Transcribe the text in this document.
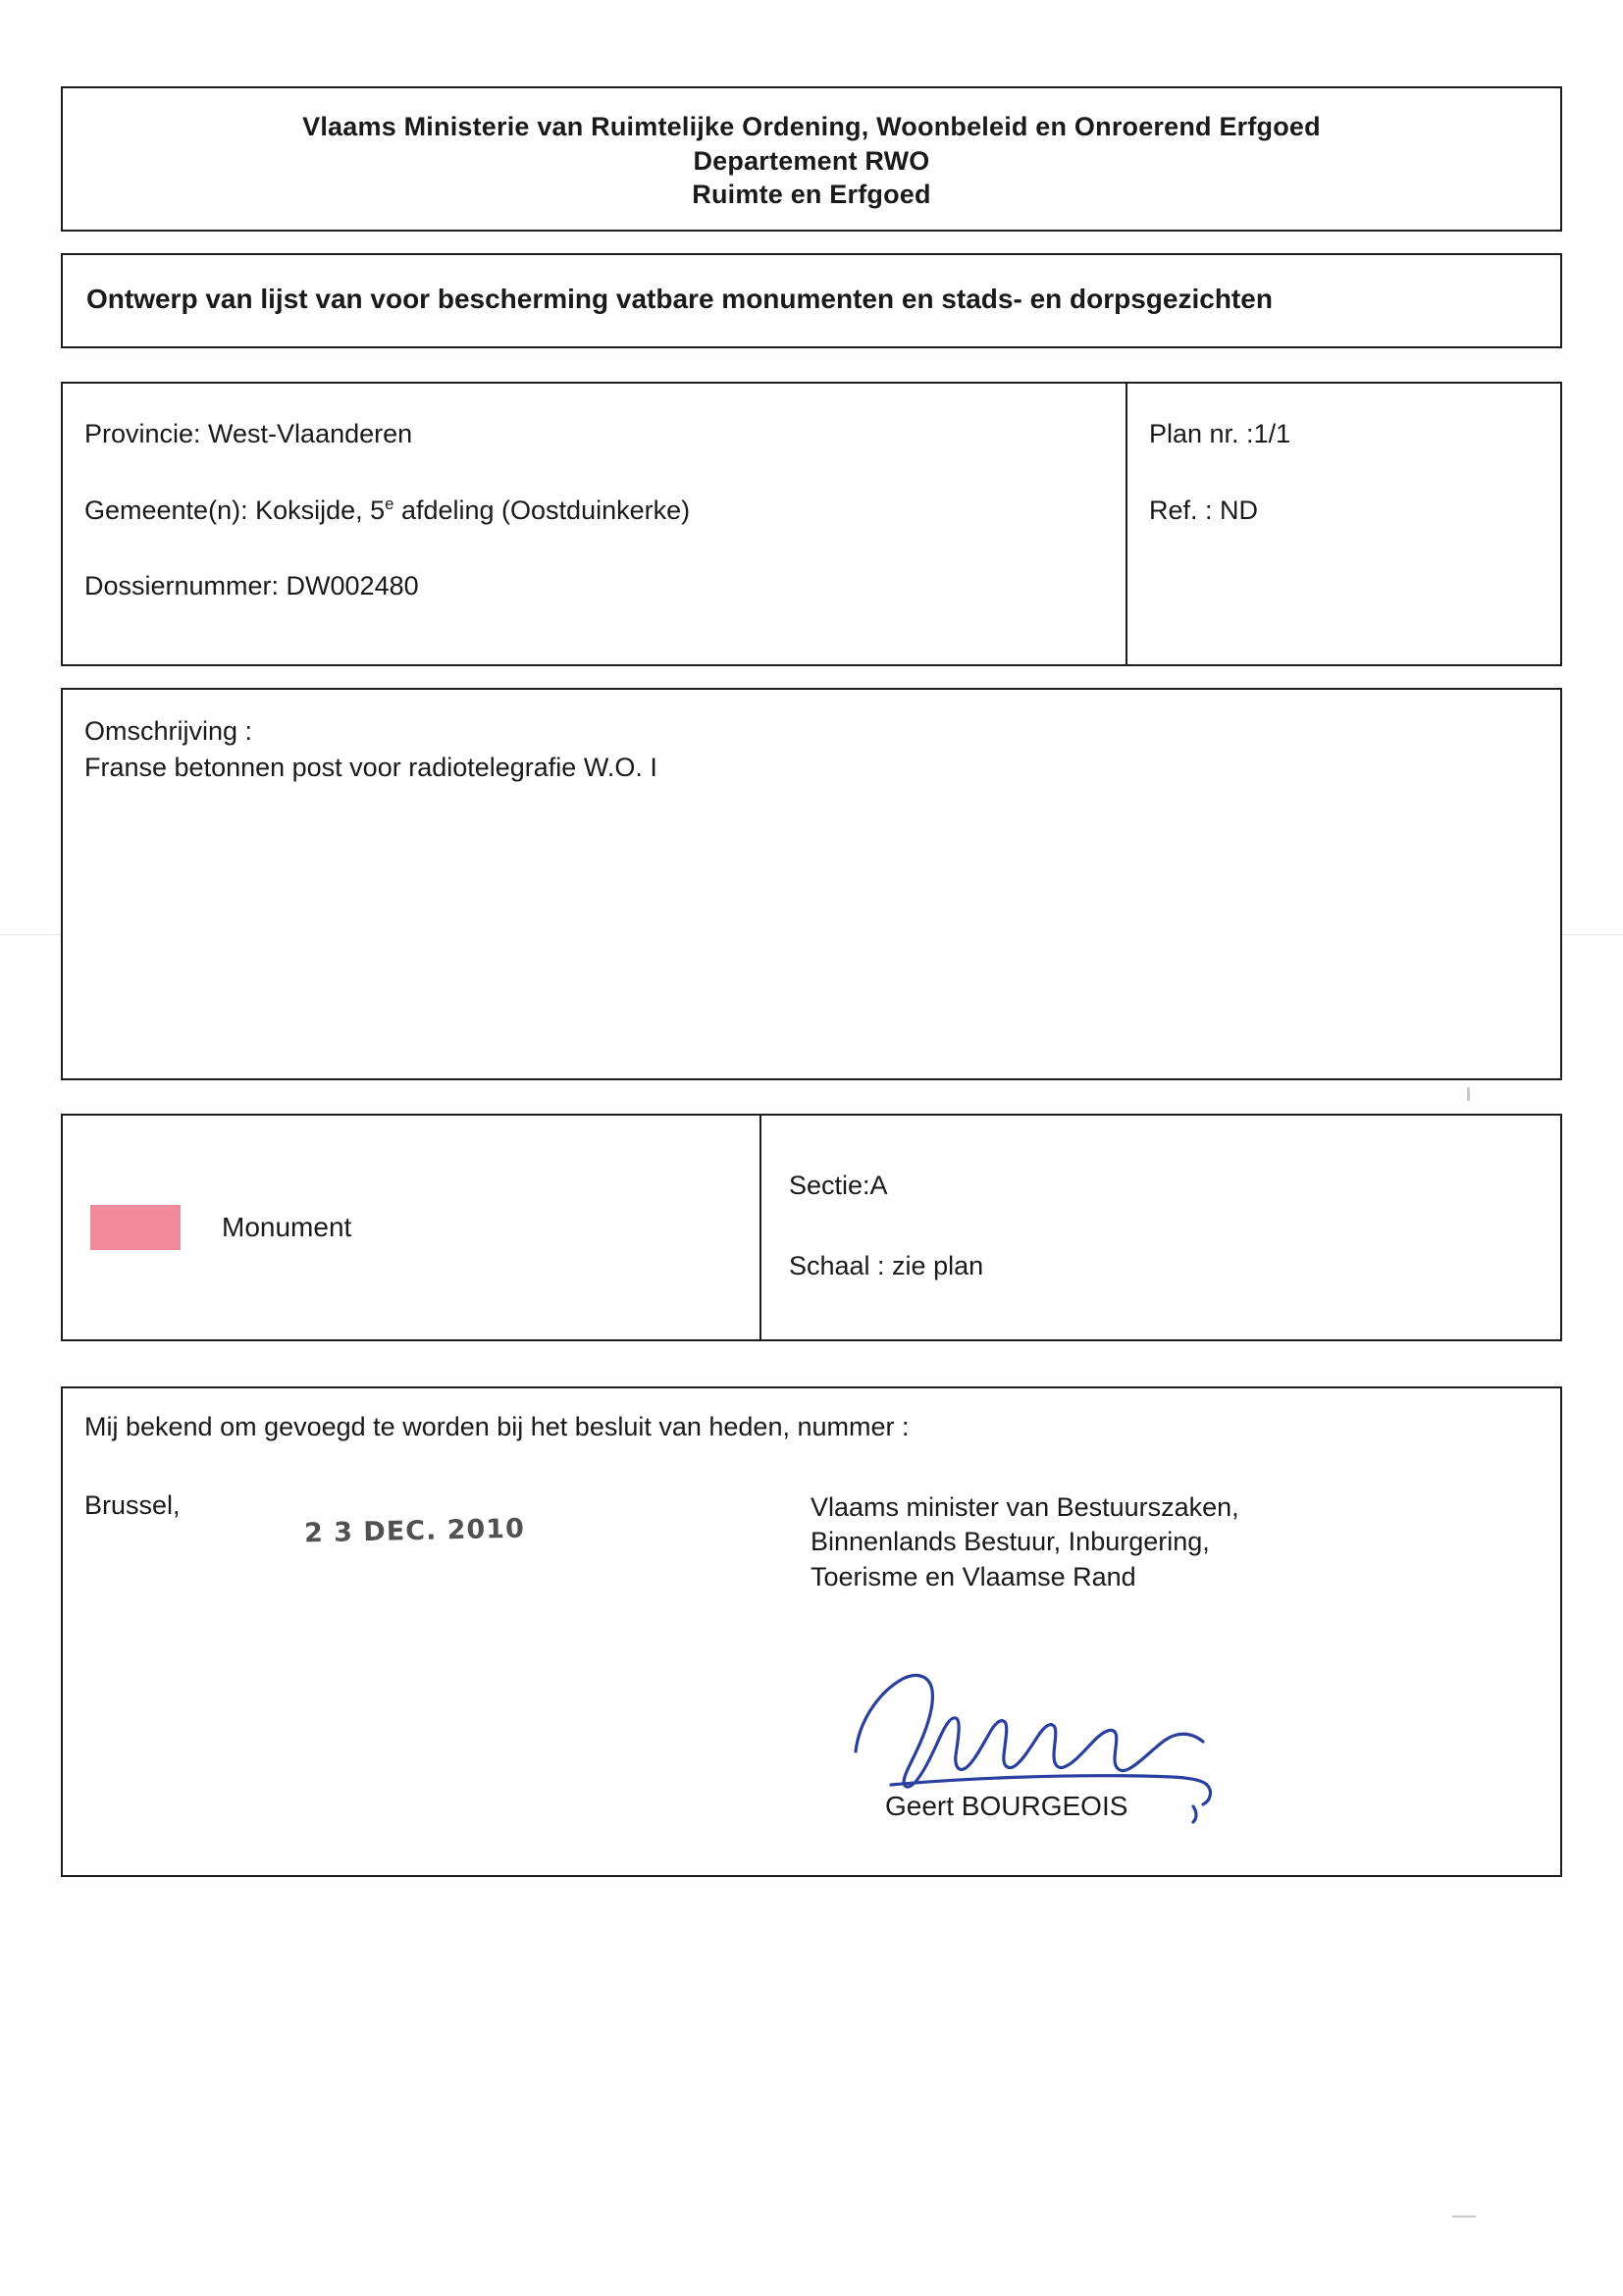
Vlaams Ministerie van Ruimtelijke Ordening, Woonbeleid en Onroerend Erfgoed
Departement RWO
Ruimte en Erfgoed
Ontwerp van lijst van voor bescherming vatbare monumenten en stads- en dorpsgezichten
Provincie: West-Vlaanderen
Gemeente(n): Koksijde, 5e afdeling (Oostduinkerke)
Dossiernummer: DW002480
Plan nr. :1/1
Ref. : ND
Omschrijving :
Franse betonnen post voor radiotelegrafie W.O. I
Monument
Sectie:A
Schaal : zie plan
Mij bekend om gevoegd te worden bij het besluit van heden, nummer :
Brussel,	Vlaams minister van Bestuurszaken,
Binnenlands Bestuur, Inburgering,
Toerisme en Vlaamse Rand
2 3 DEC. 2010
Geert BOURGEOIS
